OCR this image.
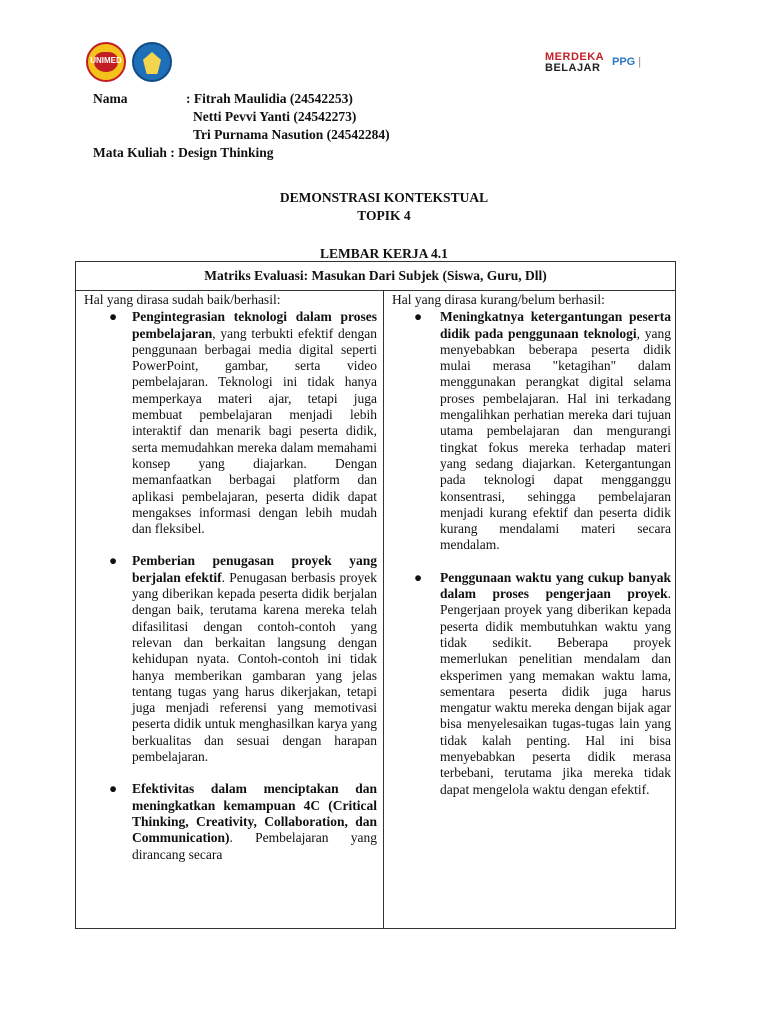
UNIMED	MERDEKA
BELAJAR	PPG |
Nama	: Fitrah Maulidia (24542253)
Netti Pevvi Yanti (24542273)
Tri Purnama Nasution (24542284)
Mata Kuliah : Design Thinking
DEMONSTRASI KONTEKSTUAL
TOPIK 4
LEMBAR KERJA 4.1
Matriks Evaluasi: Masukan Dari Subjek (Siswa, Guru, Dll)
Hal yang dirasa sudah baik/berhasil:
● Pengintegrasian teknologi dalam proses pembelajaran, yang terbukti efektif dengan penggunaan berbagai media digital seperti PowerPoint, gambar, serta video pembelajaran. Teknologi ini tidak hanya memperkaya materi ajar, tetapi juga membuat pembelajaran menjadi lebih interaktif dan menarik bagi peserta didik, serta memudahkan mereka dalam memahami konsep yang diajarkan. Dengan memanfaatkan berbagai platform dan aplikasi pembelajaran, peserta didik dapat mengakses informasi dengan lebih mudah dan fleksibel.
● Pemberian penugasan proyek yang berjalan efektif. Penugasan berbasis proyek yang diberikan kepada peserta didik berjalan dengan baik, terutama karena mereka telah difasilitasi dengan contoh-contoh yang relevan dan berkaitan langsung dengan kehidupan nyata. Contoh-contoh ini tidak hanya memberikan gambaran yang jelas tentang tugas yang harus dikerjakan, tetapi juga menjadi referensi yang memotivasi peserta didik untuk menghasilkan karya yang berkualitas dan sesuai dengan harapan pembelajaran.
● Efektivitas dalam menciptakan dan meningkatkan kemampuan 4C (Critical Thinking, Creativity, Collaboration, dan Communication). Pembelajaran yang dirancang secara
Hal yang dirasa kurang/belum berhasil:
● Meningkatnya ketergantungan peserta didik pada penggunaan teknologi, yang menyebabkan beberapa peserta didik mulai merasa "ketagihan" dalam menggunakan perangkat digital selama proses pembelajaran. Hal ini terkadang mengalihkan perhatian mereka dari tujuan utama pembelajaran dan mengurangi tingkat fokus mereka terhadap materi yang sedang diajarkan. Ketergantungan pada teknologi dapat mengganggu konsentrasi, sehingga pembelajaran menjadi kurang efektif dan peserta didik kurang mendalami materi secara mendalam.
● Penggunaan waktu yang cukup banyak dalam proses pengerjaan proyek. Pengerjaan proyek yang diberikan kepada peserta didik membutuhkan waktu yang tidak sedikit. Beberapa proyek memerlukan penelitian mendalam dan eksperimen yang memakan waktu lama, sementara peserta didik juga harus mengatur waktu mereka dengan bijak agar bisa menyelesaikan tugas-tugas lain yang tidak kalah penting. Hal ini bisa menyebabkan peserta didik merasa terbebani, terutama jika mereka tidak dapat mengelola waktu dengan efektif.
